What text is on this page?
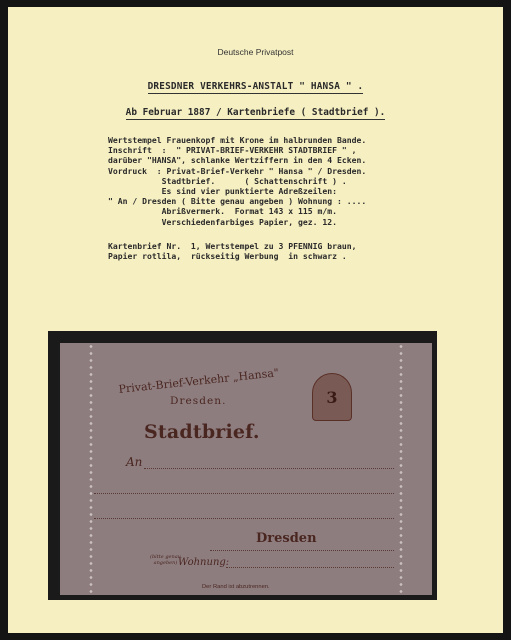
Deutsche Privatpost
DRESDNER VERKEHRS-ANSTALT " HANSA " .
Ab Februar 1887 / Kartenbriefe ( Stadtbrief ).
Wertstempel Frauenkopf mit Krone im halbrunden Bande.
Inschrift  :  " PRIVAT-BRIEF-VERKEHR STADTBRIEF " ,
darüber "HANSA", schlanke Wertziffern in den 4 Ecken.
Vordruck  : Privat-Brief-Verkehr " Hansa " / Dresden.
Stadtbrief.      ( Schattenschrift ) .
Es sind vier punktierte Adreßzeilen:
" An / Dresden ( Bitte genau angeben ) Wohnung : ....
Abrißvermerk.  Format 143 x 115 m/m.
Verschiedenfarbiges Papier, gez. 12.
Kartenbrief Nr.  1, Wertstempel zu 3 PFENNIG braun,
Papier rotlila,  rückseitig Werbung  in schwarz .
Privat-Brief-Verkehr „Hansa"
Dresden.
Stadtbrief.
3
An
Dresden
(bitte genau
angeben) Wohnung:
Der Rand ist abzutrennen.
